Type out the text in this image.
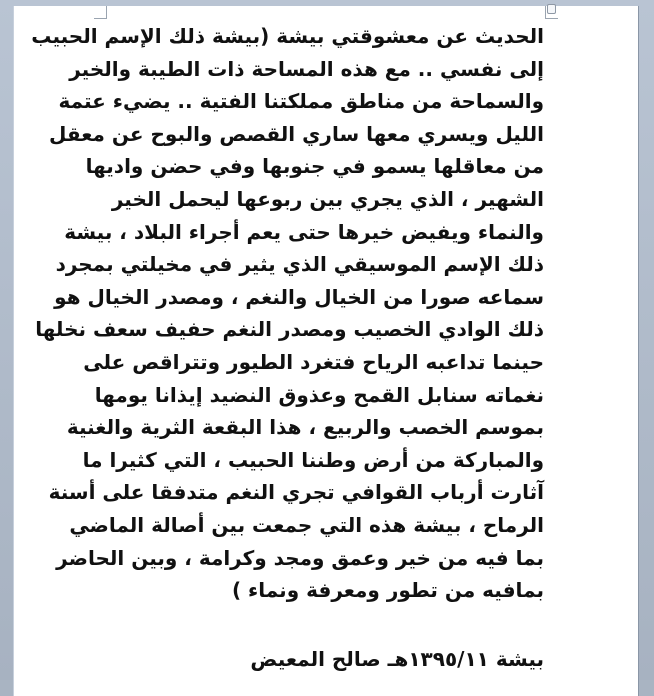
الحديث عن معشوقتي بيشة (بيشة ذلك الإسم الحبيب
إلى نفسي .. مع هذه المساحة ذات الطيبة والخير
والسماحة من مناطق مملكتنا الفتية .. يضيء عتمة
الليل ويسري معها ساري القصص والبوح عن معقل
من معاقلها يسمو في جنوبها وفي حضن واديها
الشهير ، الذي يجري بين ربوعها ليحمل الخير
والنماء ويفيض خيرها حتى يعم أجراء البلاد ، بيشة
ذلك الإسم الموسيقي الذي يثير في مخيلتي بمجرد
سماعه صورا من الخيال والنغم ، ومصدر الخيال هو
ذلك الوادي الخصيب ومصدر النغم حفيف سعف نخلها
حينما تداعبه الرياح فتغرد الطيور وتتراقص على
نغماته سنابل القمح وعذوق النضيد إيذانا يومها
بموسم الخصب والربيع ، هذا البقعة الثرية والغنية
والمباركة من أرض وطننا الحبيب ، التي كثيرا ما
آثارت أرباب القوافي تجري النغم متدفقا على أسنة
الرماح ، بيشة هذه التي جمعت بين أصالة الماضي
بما فيه من خير وعمق ومجد وكرامة ، وبين الحاضر
بمافيه من تطور ومعرفة ونماء )
بيشة ١٣٩٥/١١هـ صالح المعيض
